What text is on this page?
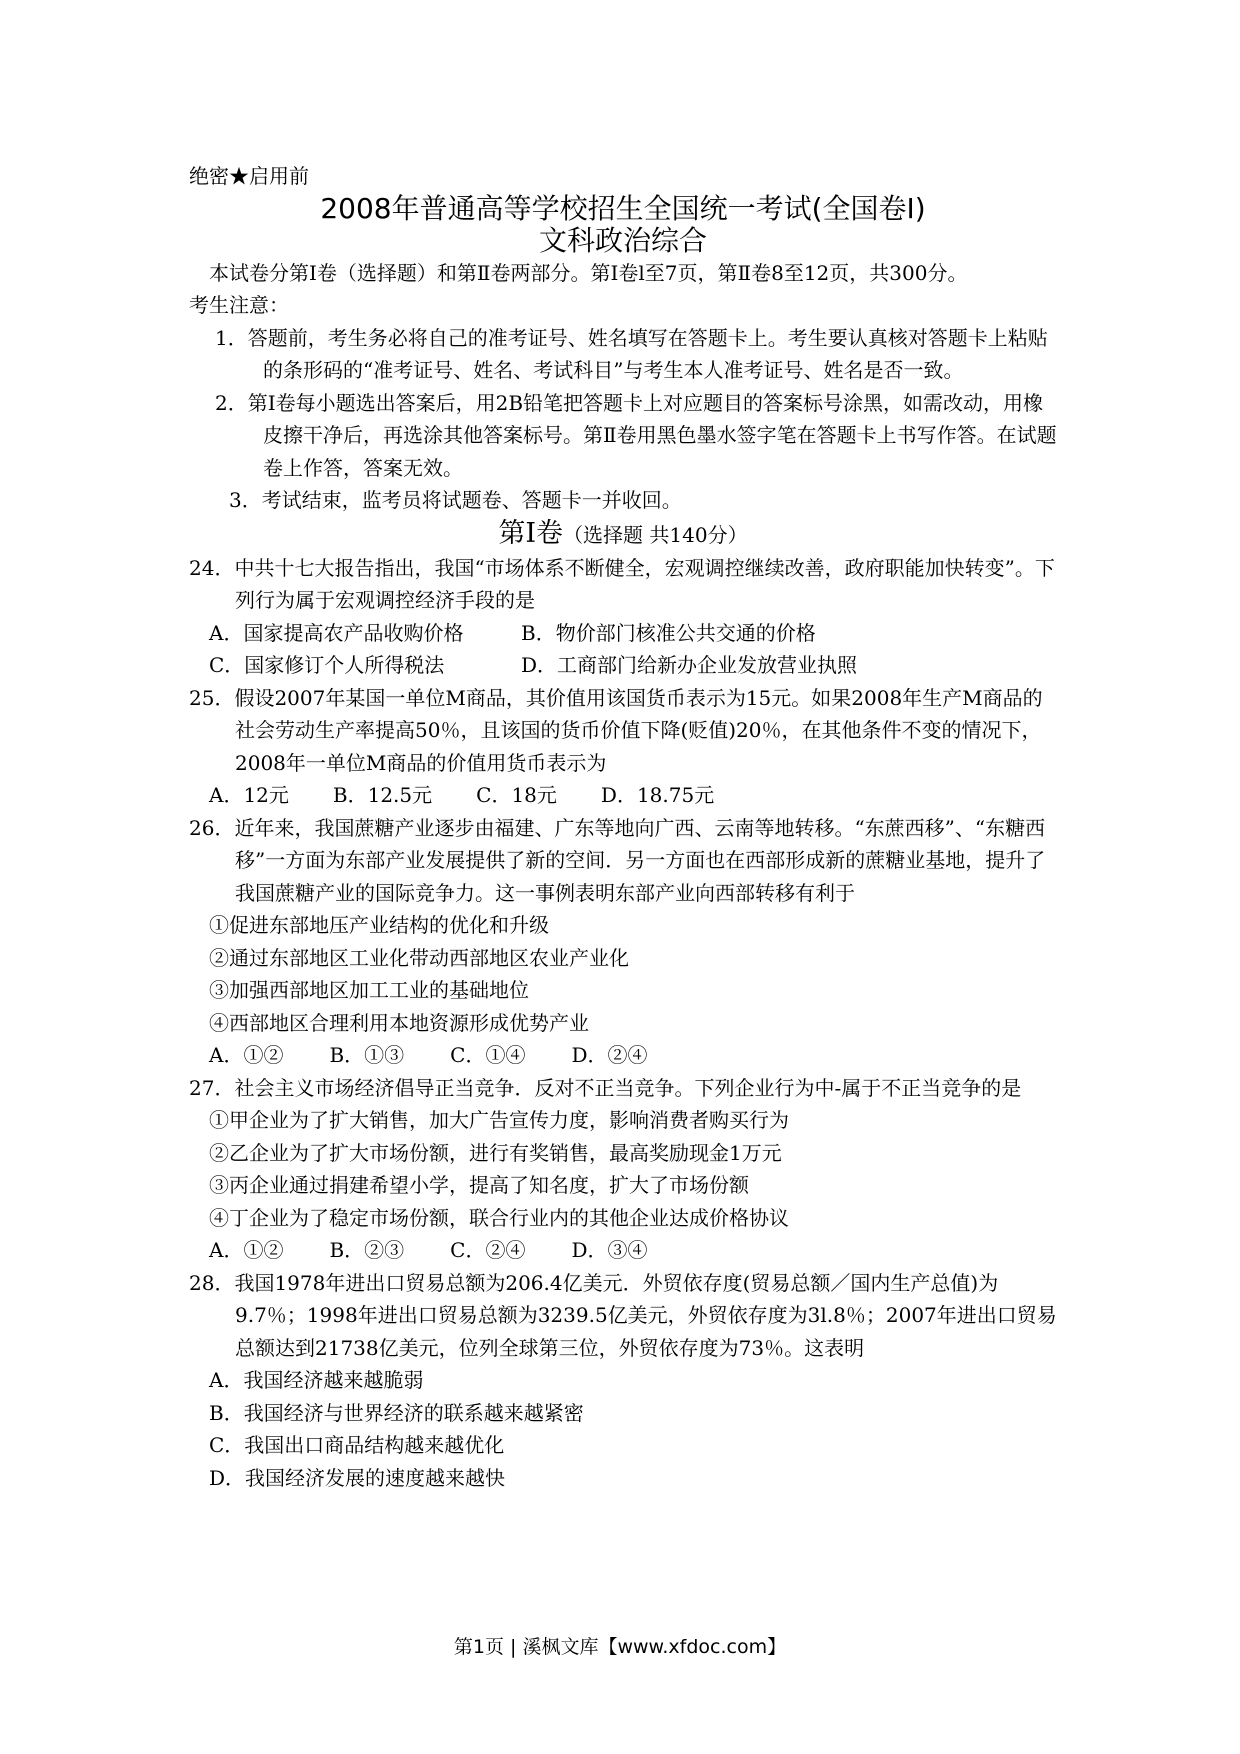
绝密★启用前

2008年普通高等学校招生全国统一考试(全国卷Ⅰ)

文科政治综合

本试卷分第Ⅰ卷（选择题）和第Ⅱ卷两部分。第Ⅰ卷l至7页，第Ⅱ卷8至12页，共300分。

考生注意：

1．答题前，考生务必将自己的准考证号、姓名填写在答题卡上。考生要认真核对答题卡上粘贴的条形码的“准考证号、姓名、考试科目”与考生本人准考证号、姓名是否一致。

2．第Ⅰ卷每小题选出答案后，用2B铅笔把答题卡上对应题目的答案标号涂黑，如需改动，用橡皮擦干净后，再选涂其他答案标号。第Ⅱ卷用黑色墨水签字笔在答题卡上书写作答。在试题卷上作答，答案无效。

3．考试结束，监考员将试题卷、答题卡一并收回。

第Ⅰ卷（选择题 共140分）

24．中共十七大报告指出，我国“市场体系不断健全，宏观调控继续改善，政府职能加快转变”。下列行为属于宏观调控经济手段的是

A．国家提高农产品收购价格	B．物价部门核准公共交通的价格
C．国家修订个人所得税法	D．工商部门给新办企业发放营业执照

25．假设2007年某国一单位M商品，其价值用该国货币表示为15元。如果2008年生产M商品的社会劳动生产率提高50％，且该国的货币价值下降(贬值)20％，在其他条件不变的情况下，2008年一单位M商品的价值用货币表示为

A．12元 B．12.5元 C．18元 D．18.75元

26．近年来，我国蔗糖产业逐步由福建、广东等地向广西、云南等地转移。“东蔗西移”、“东糖西移”一方面为东部产业发展提供了新的空间．另一方面也在西部形成新的蔗糖业基地，提升了我国蔗糖产业的国际竞争力。这一事例表明东部产业向西部转移有利于

①促进东部地压产业结构的优化和升级

②通过东部地区工业化带动西部地区农业产业化

③加强西部地区加工工业的基础地位

④西部地区合理利用本地资源形成优势产业

A．①② B．①③ C．①④ D．②④

27．社会主义市场经济倡导正当竞争．反对不正当竞争。下列企业行为中-属于不正当竞争的是

①甲企业为了扩大销售，加大广告宣传力度，影响消费者购买行为

②乙企业为了扩大市场份额，进行有奖销售，最高奖励现金1万元

③丙企业通过捐建希望小学，提高了知名度，扩大了市场份额

④丁企业为了稳定市场份额，联合行业内的其他企业达成价格协议

A．①② B．②③ C．②④ D．③④

28．我国1978年进出口贸易总额为206.4亿美元．外贸依存度(贸易总额／国内生产总值)为9.7％；1998年进出口贸易总额为3239.5亿美元，外贸依存度为3l.8％；2007年进出口贸易总额达到21738亿美元，位列全球第三位，外贸依存度为73％。这表明

A．我国经济越来越脆弱

B．我国经济与世界经济的联系越来越紧密

C．我国出口商品结构越来越优化

D．我国经济发展的速度越来越快

第1页 | 溪枫文库【www.xfdoc.com】
